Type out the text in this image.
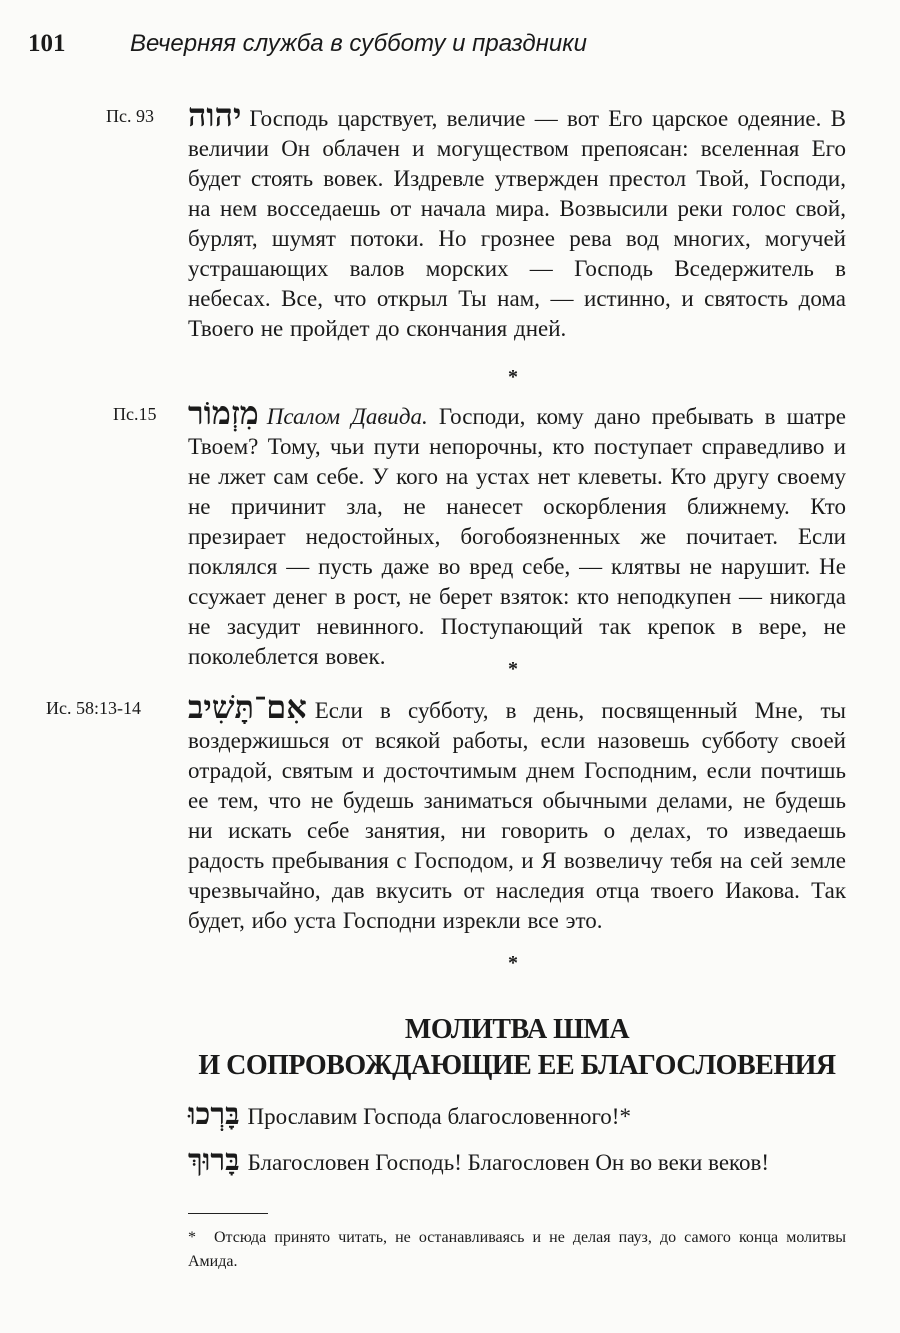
101	Вечерняя служба в субботу и праздники
Пс. 93	יהוה Господь царствует, величие — вот Его царское одеяние. В величии Он облачен и могуществом препоясан: вселенная Его будет стоять вовек. Издревле утвержден престол Твой, Господи, на нем восседаешь от начала мира. Возвысили реки голос свой, бурлят, шумят потоки. Но грознее рева вод многих, могучей устрашающих валов морских — Господь Вседержитель в небесах. Все, что открыл Ты нам, — истинно, и святость дома Твоего не пройдет до скончания дней.
*
Пс.15 מִזְמוֹר Псалом Давида. Господи, кому дано пребывать в шатре Твоем? Тому, чьи пути непорочны, кто поступает справедливо и не лжет сам себе. У кого на устах нет клеветы. Кто другу своему не причинит зла, не нанесет оскорбления ближнему. Кто презирает недостойных, богобоязненных же почитает. Если поклялся — пусть даже во вред себе, — клятвы не нарушит. Не ссужает денег в рост, не берет взяток: кто неподкупен — никогда не засудит невинного. Поступающий так крепок в вере, не поколеблется вовек.	*
Ис. 58:13-14	אִם־תָּשִׁיב Если в субботу, в день, посвященный Мне, ты воздержишься от всякой работы, если назовешь субботу своей отрадой, святым и досточтимым днем Господним, если почтишь ее тем, что не будешь заниматься обычными делами, не будешь ни искать себе занятия, ни говорить о делах, то изведаешь радость пребывания с Господом, и Я возвеличу тебя на сей земле чрезвычайно, дав вкусить от наследия отца твоего Иакова. Так будет, ибо уста Господни изрекли все это.
*
МОЛИТВА ШМА
И СОПРОВОЖДАЮЩИЕ ЕЕ БЛАГОСЛОВЕНИЯ
בָּרְכוּ Прославим Господа благословенного!*
בָּרוּךְ Благословен Господь! Благословен Он во веки веков!
* Отсюда принято читать, не останавливаясь и не делая пауз, до самого конца молитвы Амида.
